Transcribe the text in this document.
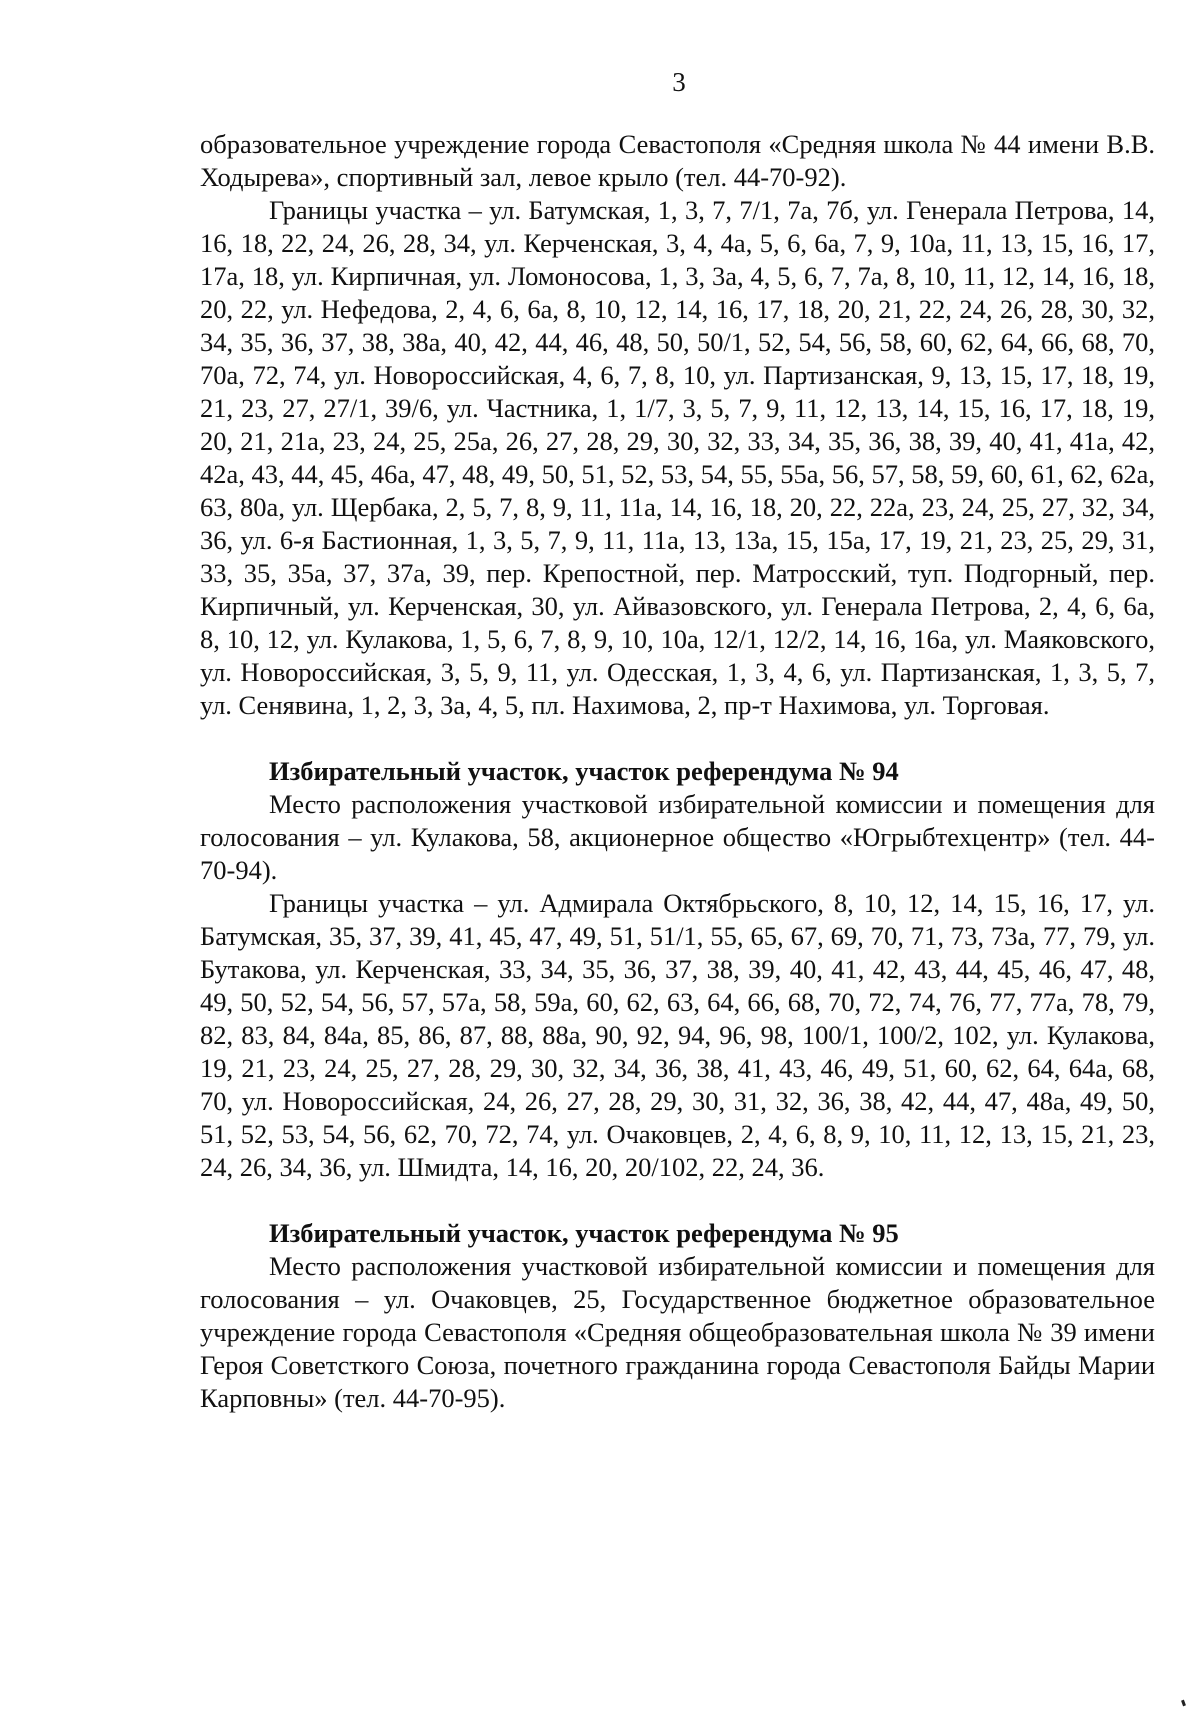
3

образовательное учреждение города Севастополя «Средняя школа № 44 имени В.В. Ходырева», спортивный зал, левое крыло (тел. 44-70-92).

Границы участка – ул. Батумская, 1, 3, 7, 7/1, 7а, 7б, ул. Генерала Петрова, 14, 16, 18, 22, 24, 26, 28, 34, ул. Керченская, 3, 4, 4а, 5, 6, 6а, 7, 9, 10а, 11, 13, 15, 16, 17, 17а, 18, ул. Кирпичная, ул. Ломоносова, 1, 3, 3а, 4, 5, 6, 7, 7а, 8, 10, 11, 12, 14, 16, 18, 20, 22, ул. Нефедова, 2, 4, 6, 6а, 8, 10, 12, 14, 16, 17, 18, 20, 21, 22, 24, 26, 28, 30, 32, 34, 35, 36, 37, 38, 38а, 40, 42, 44, 46, 48, 50, 50/1, 52, 54, 56, 58, 60, 62, 64, 66, 68, 70, 70а, 72, 74, ул. Новороссийская, 4, 6, 7, 8, 10, ул. Партизанская, 9, 13, 15, 17, 18, 19, 21, 23, 27, 27/1, 39/6, ул. Частника, 1, 1/7, 3, 5, 7, 9, 11, 12, 13, 14, 15, 16, 17, 18, 19, 20, 21, 21а, 23, 24, 25, 25а, 26, 27, 28, 29, 30, 32, 33, 34, 35, 36, 38, 39, 40, 41, 41а, 42, 42а, 43, 44, 45, 46а, 47, 48, 49, 50, 51, 52, 53, 54, 55, 55а, 56, 57, 58, 59, 60, 61, 62, 62а, 63, 80а, ул. Щербака, 2, 5, 7, 8, 9, 11, 11а, 14, 16, 18, 20, 22, 22а, 23, 24, 25, 27, 32, 34, 36, ул. 6-я Бастионная, 1, 3, 5, 7, 9, 11, 11а, 13, 13а, 15, 15а, 17, 19, 21, 23, 25, 29, 31, 33, 35, 35а, 37, 37а, 39, пер. Крепостной, пер. Матросский, туп. Подгорный, пер. Кирпичный, ул. Керченская, 30, ул. Айвазовского, ул. Генерала Петрова, 2, 4, 6, 6а, 8, 10, 12, ул. Кулакова, 1, 5, 6, 7, 8, 9, 10, 10а, 12/1, 12/2, 14, 16, 16а, ул. Маяковского, ул. Новороссийская, 3, 5, 9, 11, ул. Одесская, 1, 3, 4, 6, ул. Партизанская, 1, 3, 5, 7, ул. Сенявина, 1, 2, 3, 3а, 4, 5, пл. Нахимова, 2, пр-т Нахимова, ул. Торговая.

Избирательный участок, участок референдума № 94

Место расположения участковой избирательной комиссии и помещения для голосования – ул. Кулакова, 58, акционерное общество «Югрыбтехцентр» (тел. 44-70-94).

Границы участка – ул. Адмирала Октябрьского, 8, 10, 12, 14, 15, 16, 17, ул. Батумская, 35, 37, 39, 41, 45, 47, 49, 51, 51/1, 55, 65, 67, 69, 70, 71, 73, 73а, 77, 79, ул. Бутакова, ул. Керченская, 33, 34, 35, 36, 37, 38, 39, 40, 41, 42, 43, 44, 45, 46, 47, 48, 49, 50, 52, 54, 56, 57, 57а, 58, 59а, 60, 62, 63, 64, 66, 68, 70, 72, 74, 76, 77, 77а, 78, 79, 82, 83, 84, 84а, 85, 86, 87, 88, 88а, 90, 92, 94, 96, 98, 100/1, 100/2, 102, ул. Кулакова, 19, 21, 23, 24, 25, 27, 28, 29, 30, 32, 34, 36, 38, 41, 43, 46, 49, 51, 60, 62, 64, 64а, 68, 70, ул. Новороссийская, 24, 26, 27, 28, 29, 30, 31, 32, 36, 38, 42, 44, 47, 48а, 49, 50, 51, 52, 53, 54, 56, 62, 70, 72, 74, ул. Очаковцев, 2, 4, 6, 8, 9, 10, 11, 12, 13, 15, 21, 23, 24, 26, 34, 36, ул. Шмидта, 14, 16, 20, 20/102, 22, 24, 36.

Избирательный участок, участок референдума № 95

Место расположения участковой избирательной комиссии и помещения для голосования – ул. Очаковцев, 25, Государственное бюджетное образовательное учреждение города Севастополя «Средняя общеобразовательная школа № 39 имени Героя Советсткого Союза, почетного гражданина города Севастополя Байды Марии Карповны» (тел. 44-70-95).
